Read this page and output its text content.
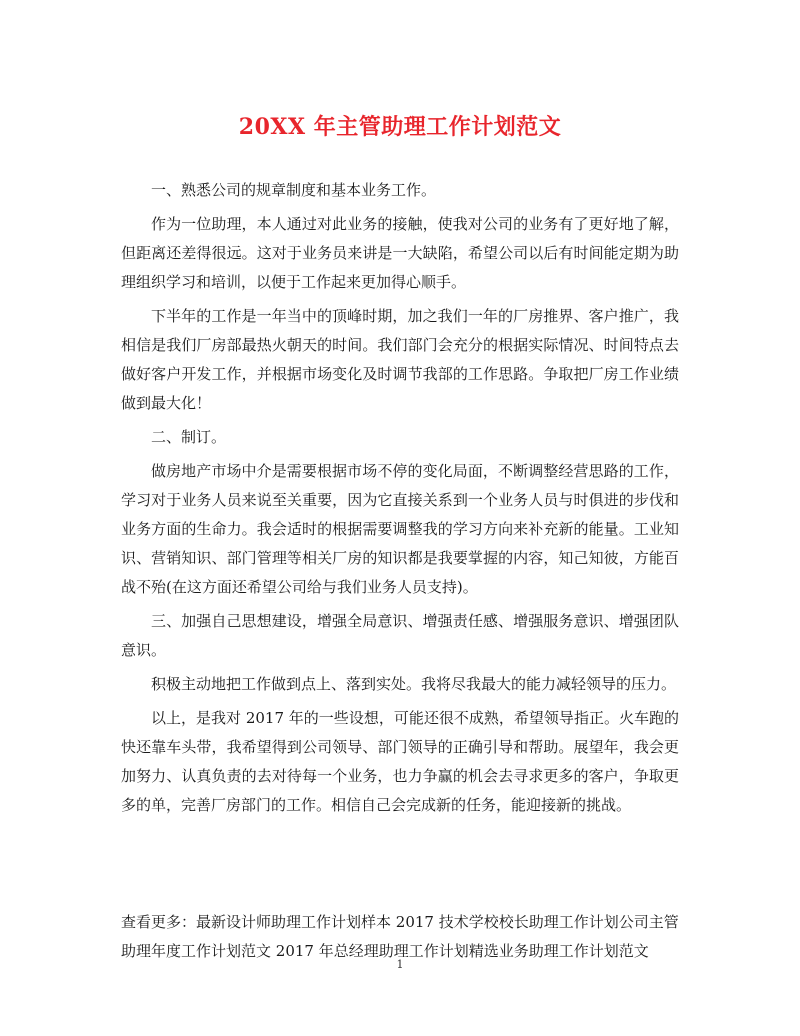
20XX 年主管助理工作计划范文

一、熟悉公司的规章制度和基本业务工作。

作为一位助理，本人通过对此业务的接触，使我对公司的业务有了更好地了解，但距离还差得很远。这对于业务员来讲是一大缺陷，希望公司以后有时间能定期为助理组织学习和培训，以便于工作起来更加得心顺手。

下半年的工作是一年当中的顶峰时期，加之我们一年的厂房推界、客户推广，我相信是我们厂房部最热火朝天的时间。我们部门会充分的根据实际情况、时间特点去做好客户开发工作，并根据市场变化及时调节我部的工作思路。争取把厂房工作业绩做到最大化！

二、制订。

做房地产市场中介是需要根据市场不停的变化局面，不断调整经营思路的工作，学习对于业务人员来说至关重要，因为它直接关系到一个业务人员与时俱进的步伐和业务方面的生命力。我会适时的根据需要调整我的学习方向来补充新的能量。工业知识、营销知识、部门管理等相关厂房的知识都是我要掌握的内容，知己知彼，方能百战不殆(在这方面还希望公司给与我们业务人员支持)。

三、加强自己思想建设，增强全局意识、增强责任感、增强服务意识、增强团队意识。

积极主动地把工作做到点上、落到实处。我将尽我最大的能力减轻领导的压力。

以上，是我对 2017 年的一些设想，可能还很不成熟，希望领导指正。火车跑的快还靠车头带，我希望得到公司领导、部门领导的正确引导和帮助。展望年，我会更加努力、认真负责的去对待每一个业务，也力争赢的机会去寻求更多的客户，争取更多的单，完善厂房部门的工作。相信自己会完成新的任务，能迎接新的挑战。

查看更多：最新设计师助理工作计划样本 2017 技术学校校长助理工作计划公司主管助理年度工作计划范文 2017 年总经理助理工作计划精选业务助理工作计划范文

1
